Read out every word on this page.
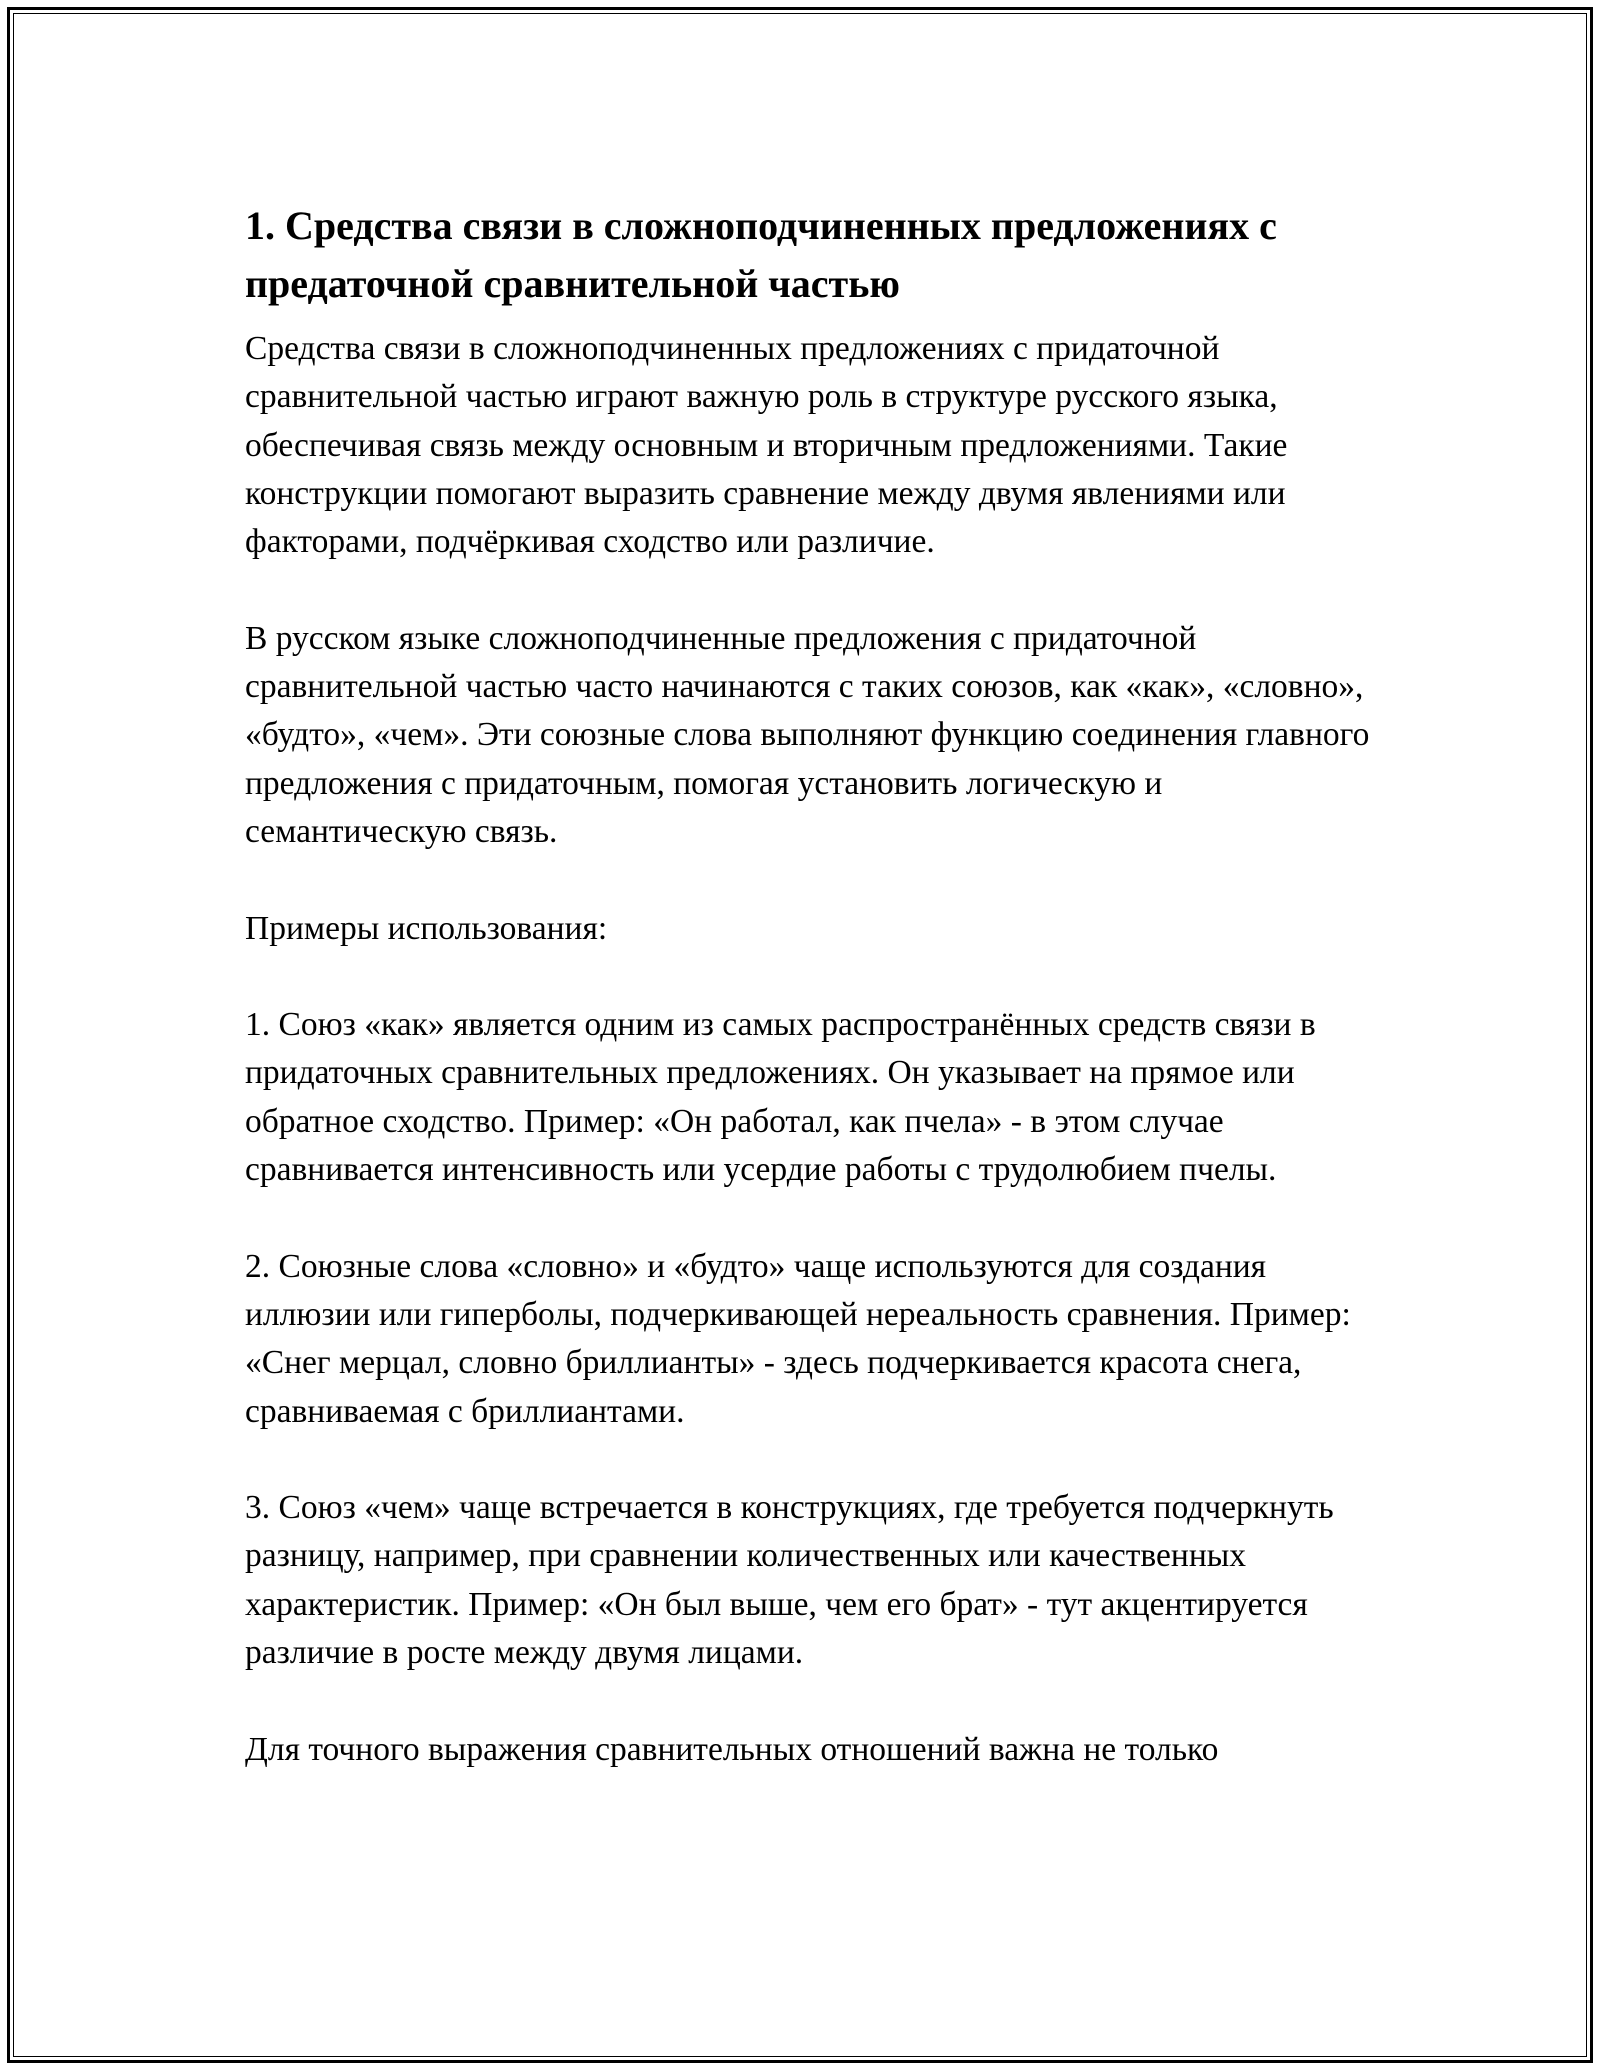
1. Средства связи в сложноподчиненных предложениях с предаточной сравнительной частью

Средства связи в сложноподчиненных предложениях с придаточной сравнительной частью играют важную роль в структуре русского языка, обеспечивая связь между основным и вторичным предложениями. Такие конструкции помогают выразить сравнение между двумя явлениями или факторами, подчёркивая сходство или различие.

В русском языке сложноподчиненные предложения с придаточной сравнительной частью часто начинаются с таких союзов, как «как», «словно», «будто», «чем». Эти союзные слова выполняют функцию соединения главного предложения с придаточным, помогая установить логическую и семантическую связь.

Примеры использования:

1. Союз «как» является одним из самых распространённых средств связи в придаточных сравнительных предложениях. Он указывает на прямое или обратное сходство. Пример: «Он работал, как пчела» - в этом случае сравнивается интенсивность или усердие работы с трудолюбием пчелы.

2. Союзные слова «словно» и «будто» чаще используются для создания иллюзии или гиперболы, подчеркивающей нереальность сравнения. Пример: «Снег мерцал, словно бриллианты» - здесь подчеркивается красота снега, сравниваемая с бриллиантами.

3. Союз «чем» чаще встречается в конструкциях, где требуется подчеркнуть разницу, например, при сравнении количественных или качественных характеристик. Пример: «Он был выше, чем его брат» - тут акцентируется различие в росте между двумя лицами.

Для точного выражения сравнительных отношений важна не только
